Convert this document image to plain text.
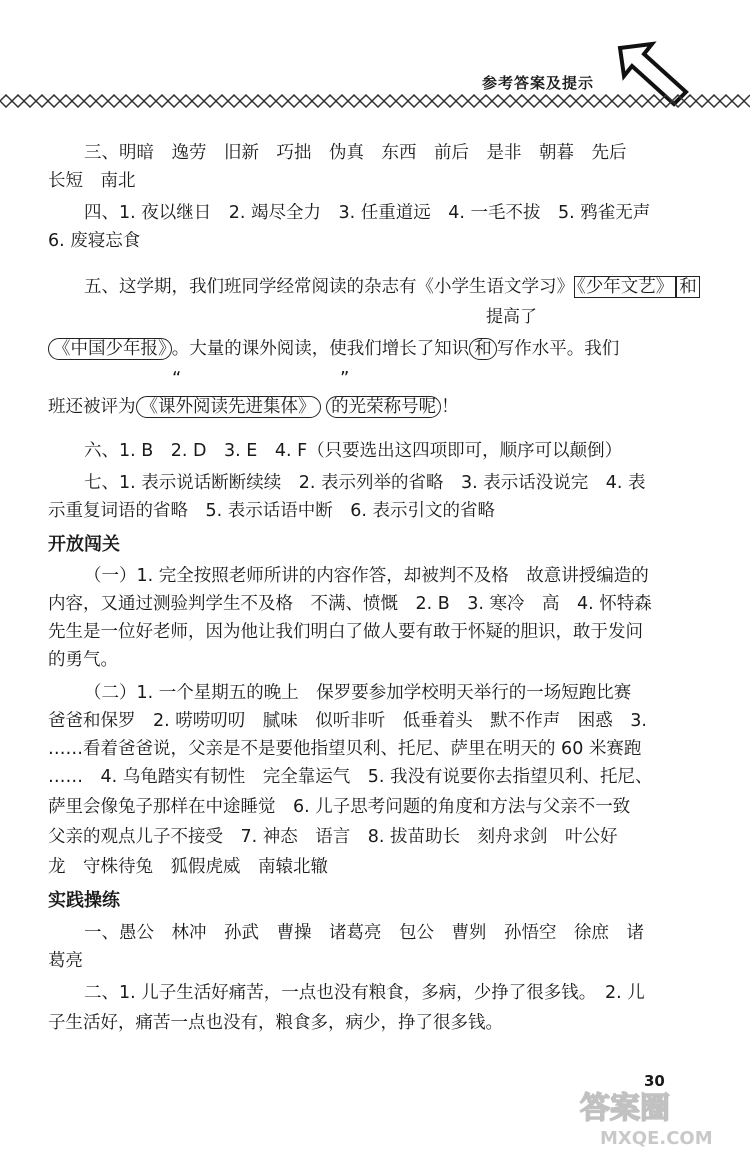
参考答案及提示
三、明暗　逸劳　旧新　巧拙　伪真　东西　前后　是非　朝暮　先后
长短　南北
四、1. 夜以继日　2. 竭尽全力　3. 任重道远　4. 一毛不拔　5. 鸦雀无声
6. 废寝忘食
五、这学期，我们班同学经常阅读的杂志有《小学生语文学习》 《少年文艺》 和
提高了
《中国少年报》 。大量的课外阅读，使我们增长了知识 和 写作水平。我们
“	”
班还被评为 《课外阅读先进集体》 的光荣称号呢 ！
六、1. B　2. D　3. E　4. F（只要选出这四项即可，顺序可以颠倒）
七、1. 表示说话断断续续　2. 表示列举的省略　3. 表示话没说完　4. 表
示重复词语的省略　5. 表示话语中断　6. 表示引文的省略
开放闯关
（一）1. 完全按照老师所讲的内容作答，却被判不及格　故意讲授编造的
内容，又通过测验判学生不及格　不满、愤慨　2. B　3. 寒冷　高　4. 怀特森
先生是一位好老师，因为他让我们明白了做人要有敢于怀疑的胆识，敢于发问
的勇气。
（二）1. 一个星期五的晚上　保罗要参加学校明天举行的一场短跑比赛
爸爸和保罗　2. 唠唠叨叨　腻味　似听非听　低垂着头　默不作声　困惑　3.
……看着爸爸说，父亲是不是要他指望贝利、托尼、萨里在明天的 60 米赛跑
……　4. 乌龟踏实有韧性　完全靠运气　5. 我没有说要你去指望贝利、托尼、
萨里会像兔子那样在中途睡觉　6. 儿子思考问题的角度和方法与父亲不一致
父亲的观点儿子不接受　7. 神态　语言　8. 拔苗助长　刻舟求剑　叶公好
龙　守株待兔　狐假虎威　南辕北辙
实践操练
一、愚公　林冲　孙武　曹操　诸葛亮　包公　曹刿　孙悟空　徐庶　诸
葛亮
二、1. 儿子生活好痛苦，一点也没有粮食，多病，少挣了很多钱。　2. 儿
子生活好，痛苦一点也没有，粮食多，病少，挣了很多钱。
30
答案圈
MXQE.COM
